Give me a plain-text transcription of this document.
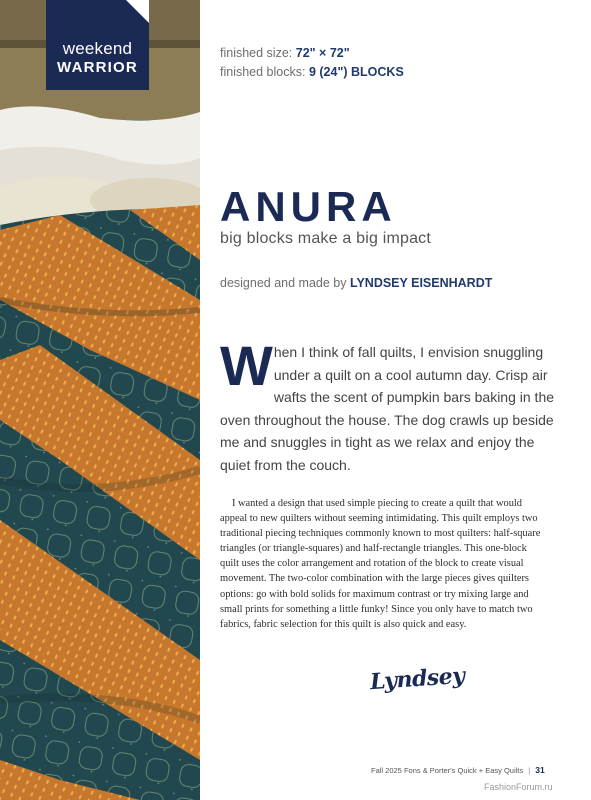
weekend
WARRIOR
finished size: 72" × 72"
finished blocks: 9 (24") BLOCKS
ANURA
big blocks make a big impact
designed and made by LYNDSEY EISENHARDT

When I think of fall quilts, I envision snuggling under a quilt on a cool autumn day. Crisp air wafts the scent of pumpkin bars baking in the oven throughout the house. The dog crawls up beside me and snuggles in tight as we relax and enjoy the quiet from the couch.

I wanted a design that used simple piecing to create a quilt that would appeal to new quilters without seeming intimidating. This quilt employs two traditional piecing techniques commonly known to most quilters: half-square triangles (or triangle-squares) and half-rectangle triangles. This one-block quilt uses the color arrangement and rotation of the block to create visual movement. The two-color combination with the large pieces gives quilters options: go with bold solids for maximum contrast or try mixing large and small prints for something a little funky! Since you only have to match two fabrics, fabric selection for this quilt is also quick and easy.

Lyndsey
Fall 2025 Fons & Porter's Quick + Easy Quilts | 31
FashionForum.ru
